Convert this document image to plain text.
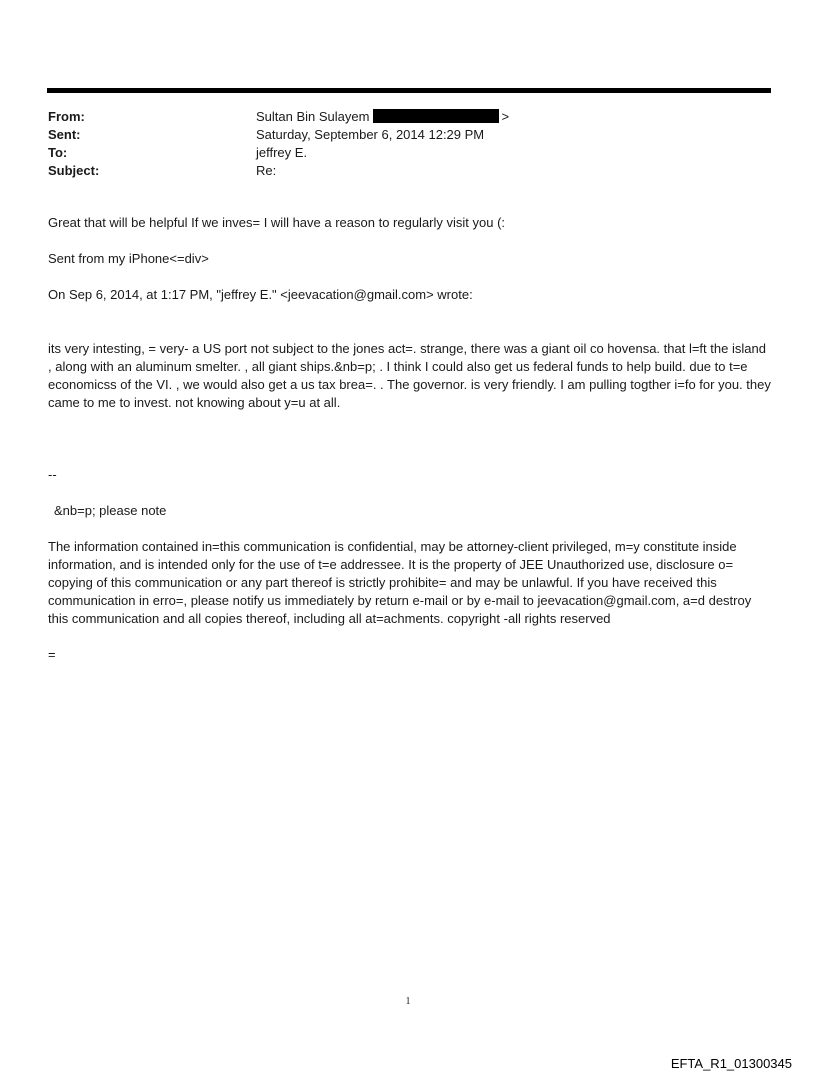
From:	Sultan Bin Sulayem	>
Sent:	Saturday, September 6, 2014 12:29 PM
To:	jeffrey E.
Subject:	Re:

Great that will be helpful If we inves= I will have a reason to regularly visit you (:

Sent from my iPhone<=div>

On Sep 6, 2014, at 1:17 PM, "jeffrey E." <jeevacation@gmail.com> wrote:

its very intesting, = very- a US port not subject to the jones act=. strange, there was a giant oil co hovensa. that l=ft the island , along with an aluminum smelter. , all giant ships.&nb=p; . I think I could also get us federal funds to help build. due to t=e economicss of the VI. , we would also get a us tax brea=. . The governor. is very friendly. I am pulling togther i=fo for you. they came to me to invest. not knowing about y=u at all.

--

&nb=p; please note

The information contained in=this communication is confidential, may be attorney-client privileged, m=y constitute inside information, and is intended only for the use of t=e addressee. It is the property of JEE Unauthorized use, disclosure o= copying of this communication or any part thereof is strictly prohibite= and may be unlawful. If you have received this communication in erro=, please notify us immediately by return e-mail or by e-mail to jeevacation@gmail.com, a=d destroy this communication and all copies thereof, including all at=achments. copyright -all rights reserved

=

1
EFTA_R1_01300345
